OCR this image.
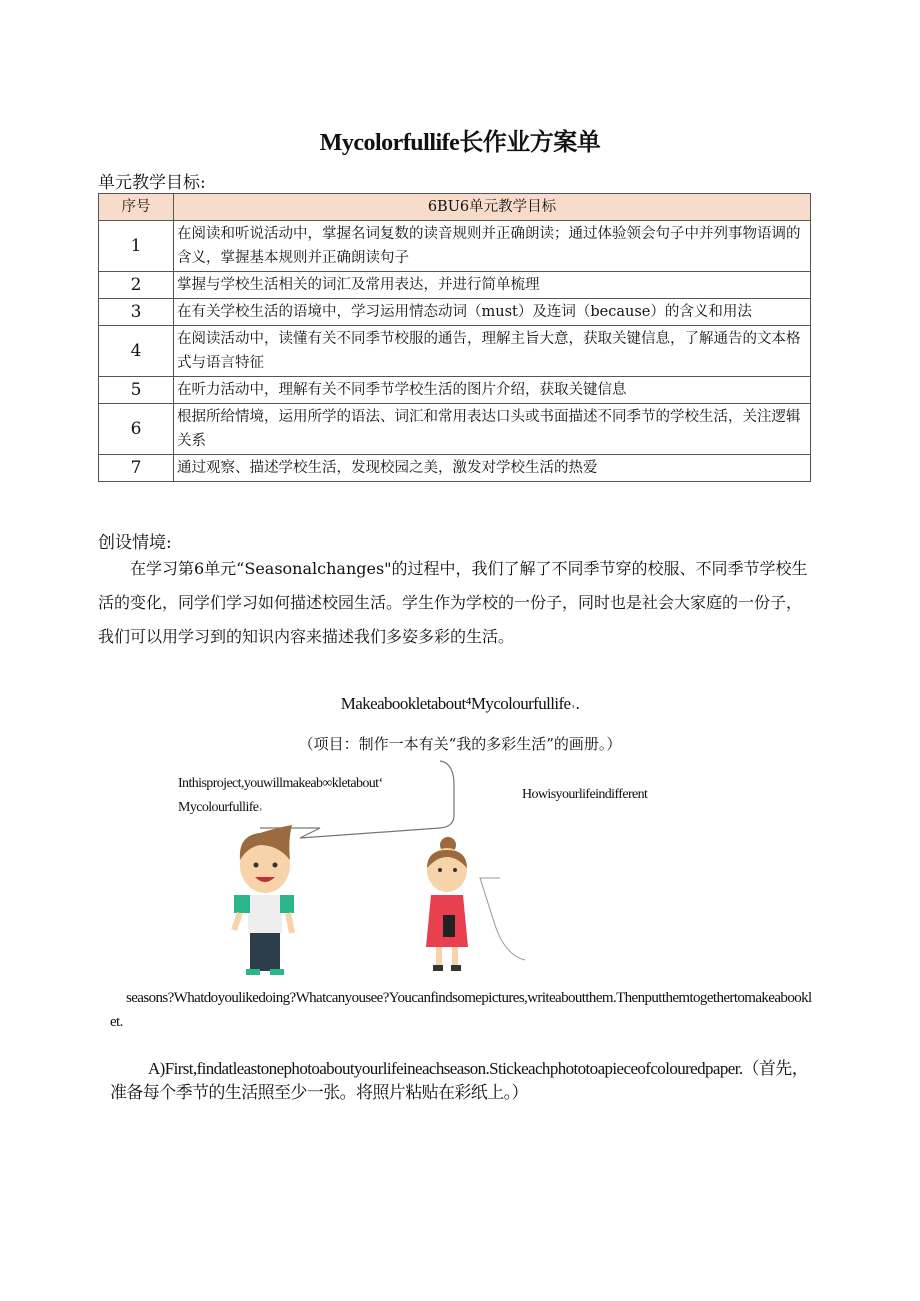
Mycolorfullife长作业方案单
单元教学目标:
序号	6BU6单元教学目标
1	在阅读和听说活动中，掌握名词复数的读音规则并正确朗读；通过体验领会句子中并列事物语调的含义，掌握基本规则并正确朗读句子
2	掌握与学校生活相关的词汇及常用表达，并进行简单梳理
3	在有关学校生活的语境中，学习运用情态动词（must）及连词（because）的含义和用法
4	在阅读活动中，读懂有关不同季节校服的通告，理解主旨大意，获取关键信息，了解通告的文本格式与语言特征
5	在听力活动中，理解有关不同季节学校生活的图片介绍，获取关键信息
6	根据所给情境，运用所学的语法、词汇和常用表达口头或书面描述不同季节的学校生活，关注逻辑关系
7	通过观察、描述学校生活，发现校园之美，激发对学校生活的热爱
创设情境:
在学习第6单元“Seasonalchanges"的过程中，我们了解了不同季节穿的校服、不同季节学校生活的变化，同学们学习如何描述校园生活。学生作为学校的一份子，同时也是社会大家庭的一份子，我们可以用学习到的知识内容来描述我们多姿多彩的生活。
Makeabookletabout⁴Mycolourfullife˒.
（项目：制作一本有关“我的多彩生活”的画册。）
Inthisproject,youwillmakeab∞kletabout‘
Mycolourfullife˒
Howisyourlifeindifferent
seasons?Whatdoyoulikedoing?Whatcanyousee?Youcanfindsomepictures,writeaboutthem.Thenputthemtogethertomakeabooklet.
A)First,findatleastonephotoaboutyourlifeineachseason.Stickeachphototoapieceofcolouredpaper.（首先，准备每个季节的生活照至少一张。将照片粘贴在彩纸上。）
